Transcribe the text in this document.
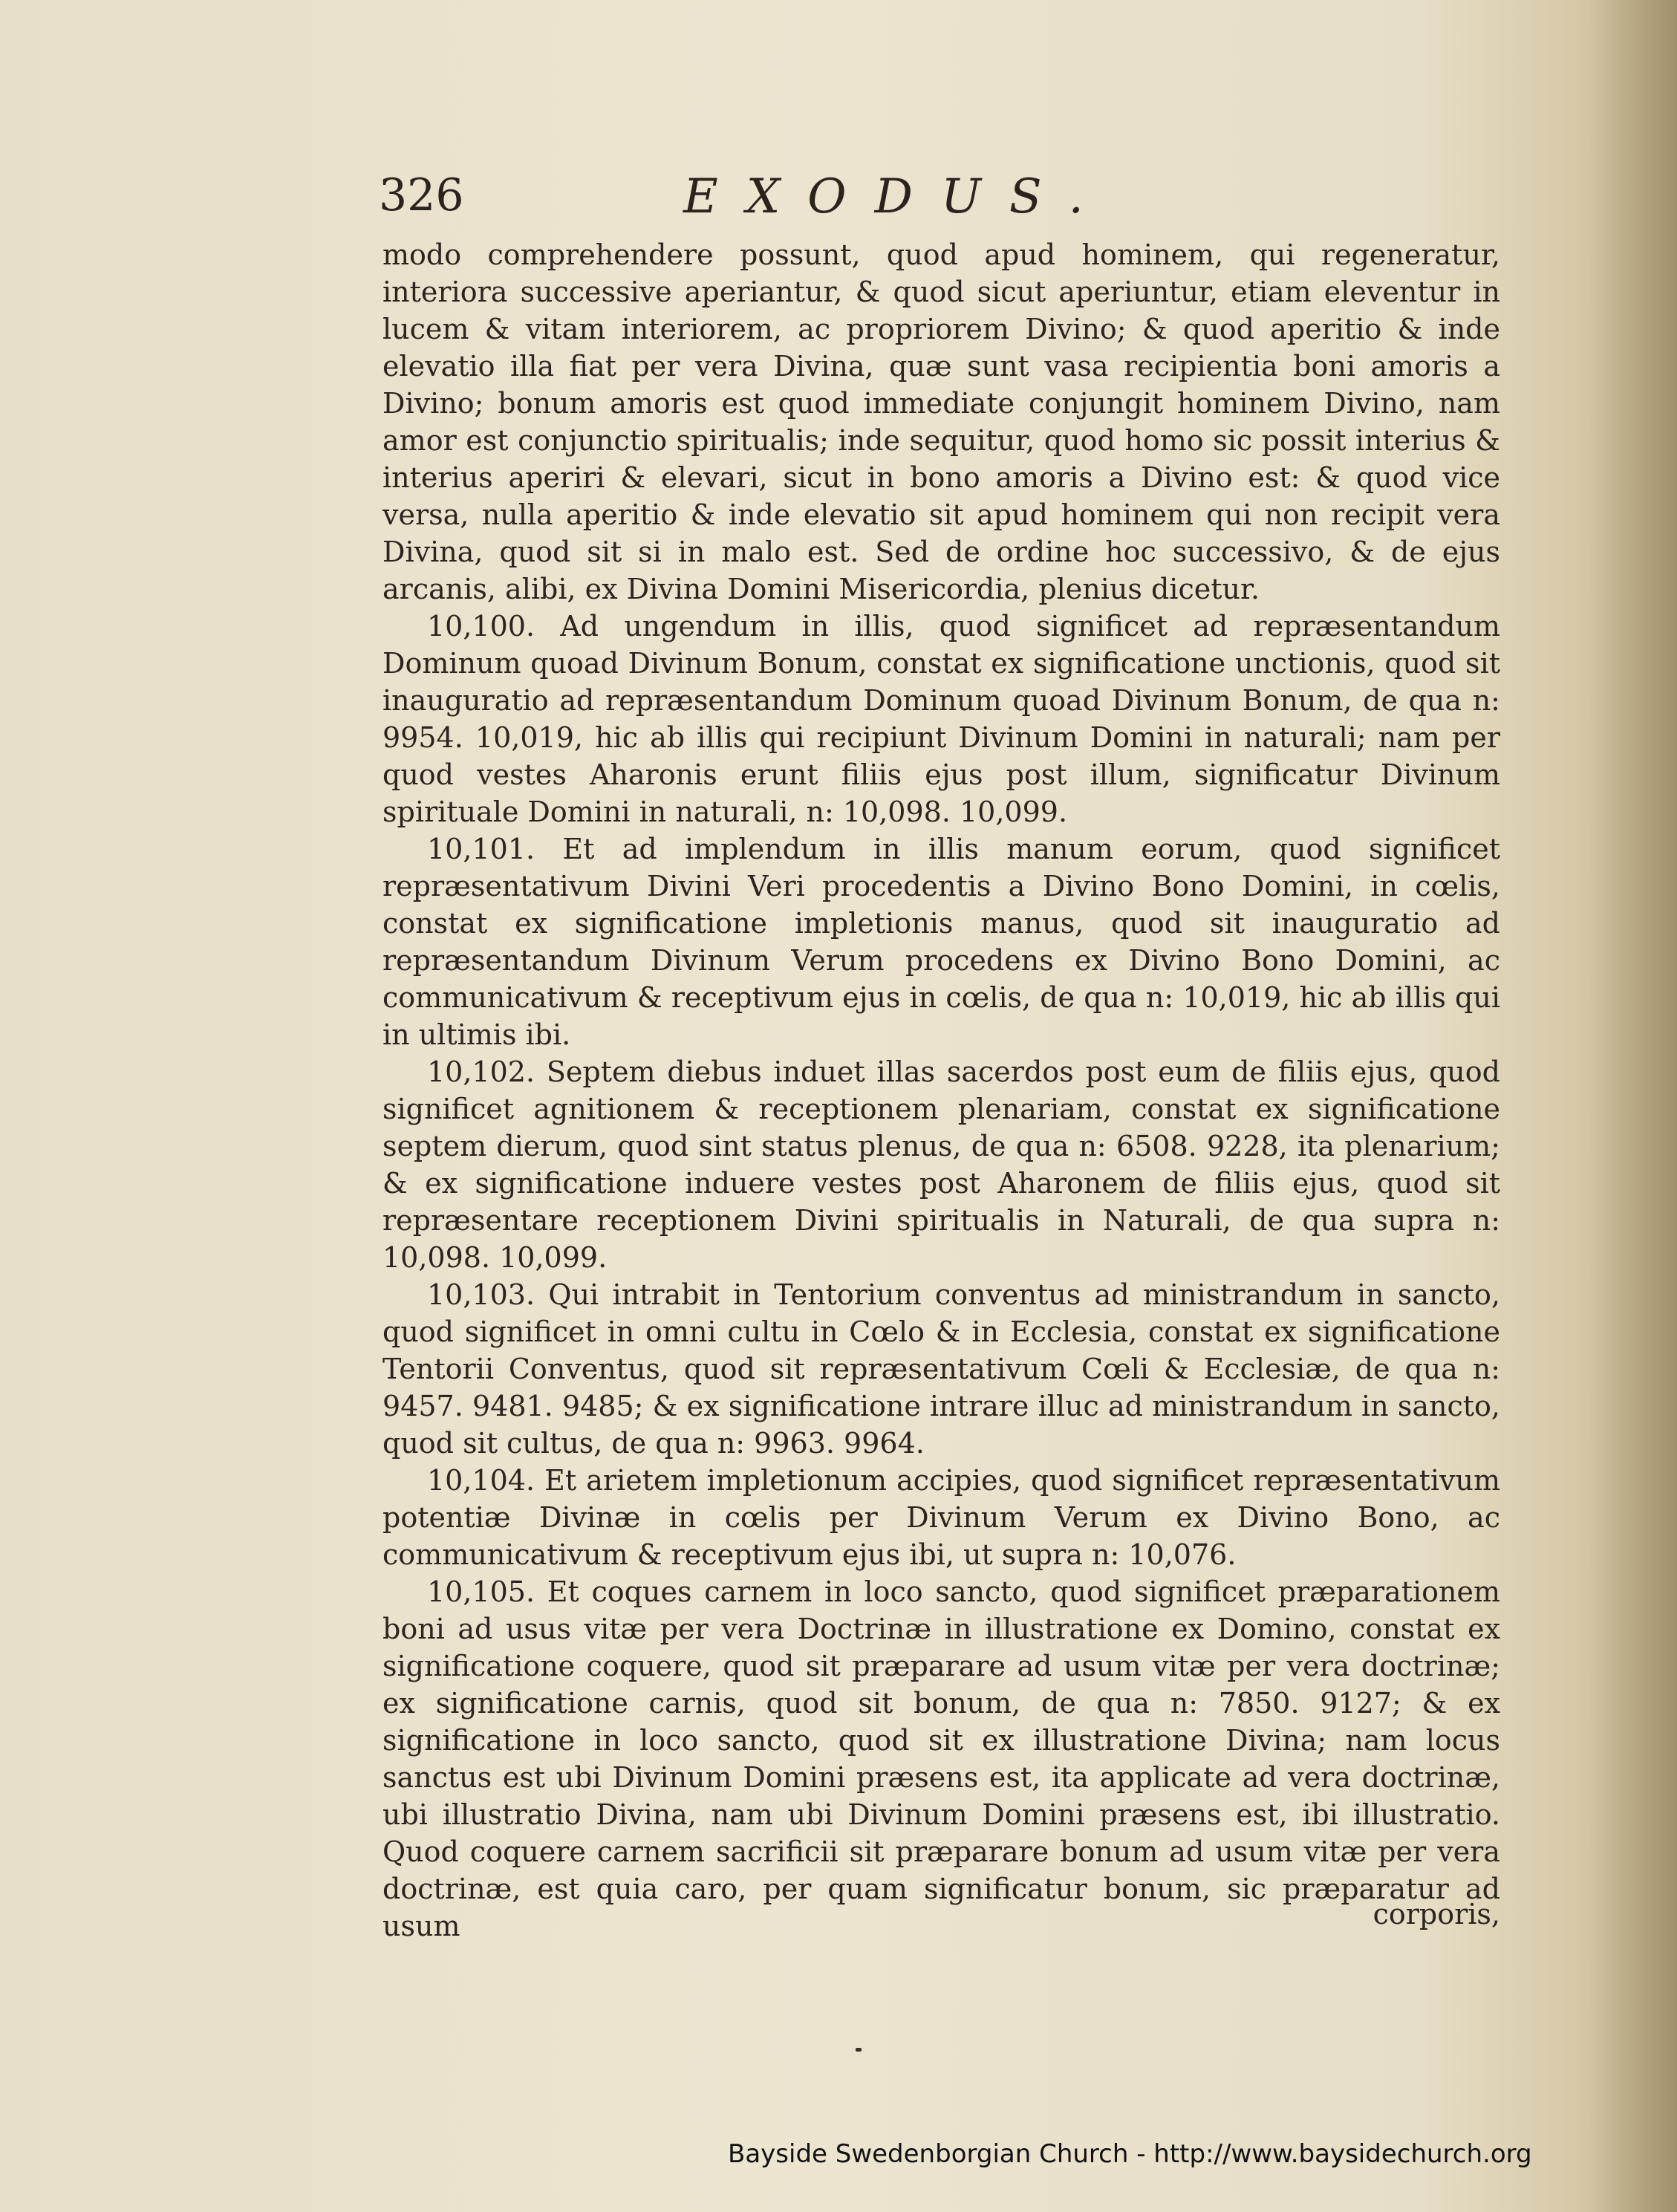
326	EXODUS.

modo comprehendere possunt, quod apud hominem, qui regeneratur, interiora successive aperiantur, & quod sicut aperiuntur, etiam eleventur in lucem & vitam interiorem, ac propriorem Divino; & quod aperitio & inde elevatio illa fiat per vera Divina, quæ sunt vasa recipientia boni amoris a Divino; bonum amoris est quod immediate conjungit hominem Divino, nam amor est conjunctio spiritualis; inde sequitur, quod homo sic possit interius & interius aperiri & elevari, sicut in bono amoris a Divino est: & quod vice versa, nulla aperitio & inde elevatio sit apud hominem qui non recipit vera Divina, quod sit si in malo est. Sed de ordine hoc successivo, & de ejus arcanis, alibi, ex Divina Domini Misericordia, plenius dicetur.

10,100. Ad ungendum in illis, quod significet ad repræsentandum Dominum quoad Divinum Bonum, constat ex significatione unctionis, quod sit inauguratio ad repræsentandum Dominum quoad Divinum Bonum, de qua n: 9954. 10,019, hic ab illis qui recipiunt Divinum Domini in naturali; nam per quod vestes Aharonis erunt filiis ejus post illum, significatur Divinum spirituale Domini in naturali, n: 10,098. 10,099.

10,101. Et ad implendum in illis manum eorum, quod significet repræsentativum Divini Veri procedentis a Divino Bono Domini, in cœlis, constat ex significatione impletionis manus, quod sit inauguratio ad repræsentandum Divinum Verum procedens ex Divino Bono Domini, ac communicativum & receptivum ejus in cœlis, de qua n: 10,019, hic ab illis qui in ultimis ibi.

10,102. Septem diebus induet illas sacerdos post eum de filiis ejus, quod significet agnitionem & receptionem plenariam, constat ex significatione septem dierum, quod sint status plenus, de qua n: 6508. 9228, ita plenarium; & ex significatione induere vestes post Aharonem de filiis ejus, quod sit repræsentare receptionem Divini spiritualis in Naturali, de qua supra n: 10,098. 10,099.

10,103. Qui intrabit in Tentorium conventus ad ministrandum in sancto, quod significet in omni cultu in Cœlo & in Ecclesia, constat ex significatione Tentorii Conventus, quod sit repræsentativum Cœli & Ecclesiæ, de qua n: 9457. 9481. 9485; & ex significatione intrare illuc ad ministrandum in sancto, quod sit cultus, de qua n: 9963. 9964.

10,104. Et arietem impletionum accipies, quod significet repræsentativum potentiæ Divinæ in cœlis per Divinum Verum ex Divino Bono, ac communicativum & receptivum ejus ibi, ut supra n: 10,076.

10,105. Et coques carnem in loco sancto, quod significet præparationem boni ad usus vitæ per vera Doctrinæ in illustratione ex Domino, constat ex significatione coquere, quod sit præparare ad usum vitæ per vera doctrinæ; ex significatione carnis, quod sit bonum, de qua n: 7850. 9127; & ex significatione in loco sancto, quod sit ex illustratione Divina; nam locus sanctus est ubi Divinum Domini præsens est, ita applicate ad vera doctrinæ, ubi illustratio Divina, nam ubi Divinum Domini præsens est, ibi illustratio. Quod coquere carnem sacrificii sit præparare bonum ad usum vitæ per vera doctrinæ, est quia caro, per quam significatur bonum, sic præparatur ad usum	corporis,
Bayside Swedenborgian Church - http://www.baysidechurch.org
